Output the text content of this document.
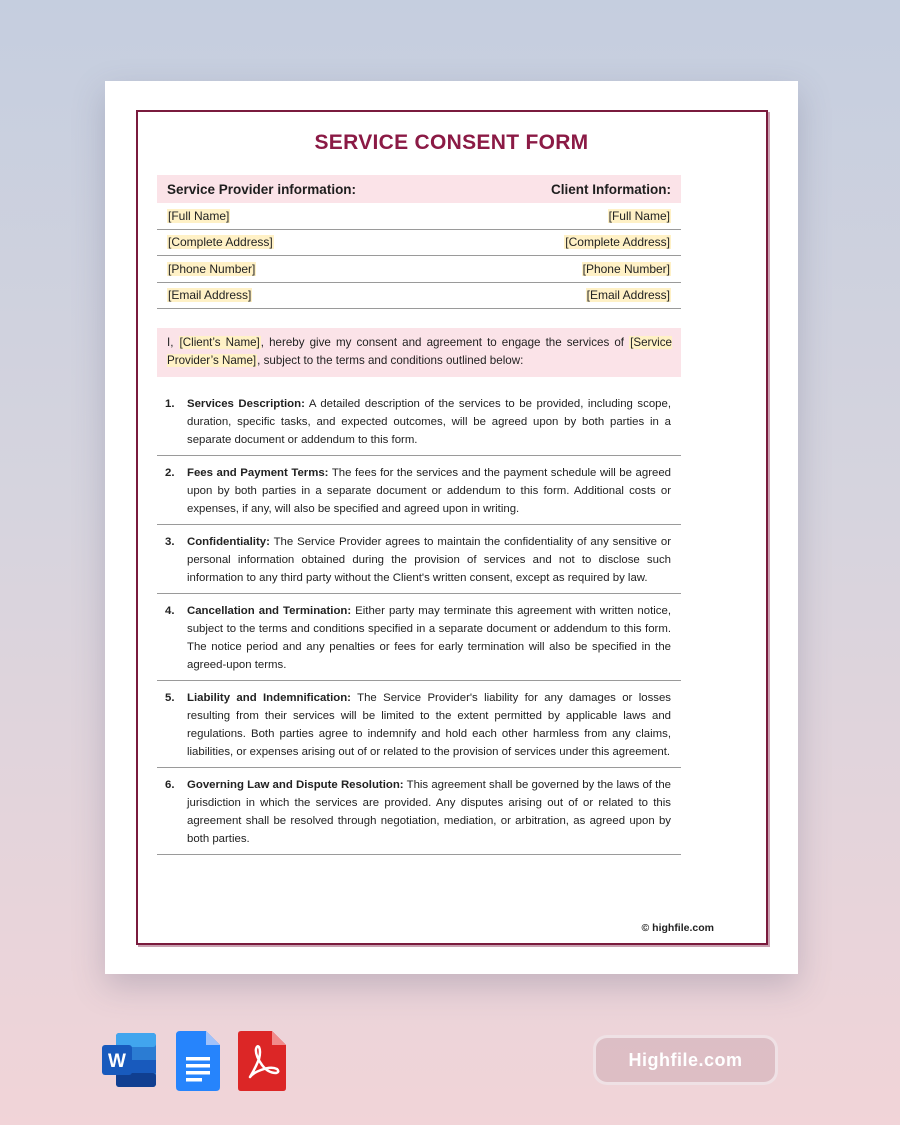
SERVICE CONSENT FORM
Service Provider information:	Client Information:
[Full Name]	[Full Name]
[Complete Address]	[Complete Address]
[Phone Number]	[Phone Number]
[Email Address]	[Email Address]
I, [Client’s Name], hereby give my consent and agreement to engage the services of [Service Provider’s Name], subject to the terms and conditions outlined below:
1.	Services Description: A detailed description of the services to be provided, including scope, duration, specific tasks, and expected outcomes, will be agreed upon by both parties in a separate document or addendum to this form.
2.	Fees and Payment Terms: The fees for the services and the payment schedule will be agreed upon by both parties in a separate document or addendum to this form. Additional costs or expenses, if any, will also be specified and agreed upon in writing.
3.	Confidentiality: The Service Provider agrees to maintain the confidentiality of any sensitive or personal information obtained during the provision of services and not to disclose such information to any third party without the Client's written consent, except as required by law.
4.	Cancellation and Termination: Either party may terminate this agreement with written notice, subject to the terms and conditions specified in a separate document or addendum to this form. The notice period and any penalties or fees for early termination will also be specified in the agreed-upon terms.
5.	Liability and Indemnification: The Service Provider's liability for any damages or losses resulting from their services will be limited to the extent permitted by applicable laws and regulations. Both parties agree to indemnify and hold each other harmless from any claims, liabilities, or expenses arising out of or related to the provision of services under this agreement.
6.	Governing Law and Dispute Resolution: This agreement shall be governed by the laws of the jurisdiction in which the services are provided. Any disputes arising out of or related to this agreement shall be resolved through negotiation, mediation, or arbitration, as agreed upon by both parties.
© highfile.com
W	Highfile.com
